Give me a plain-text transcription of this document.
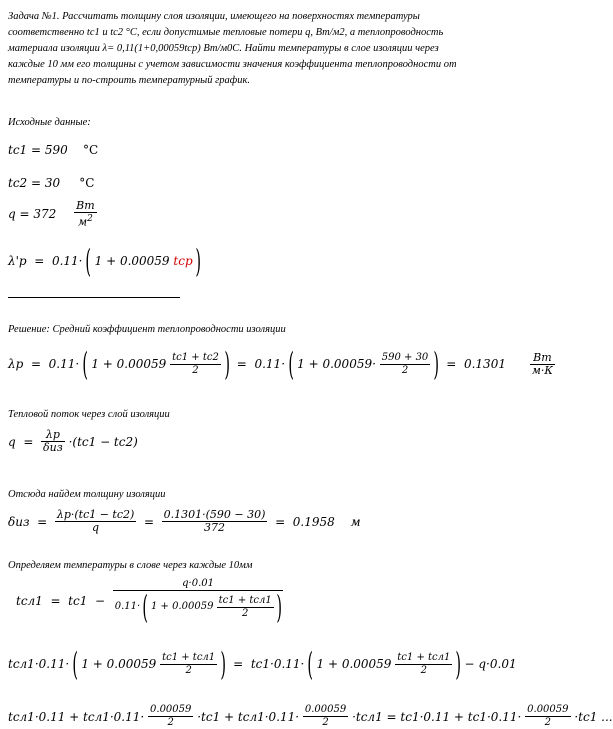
Задача №1. Рассчитать толщину слоя изоляции, имеющего на поверхностях температуры
соответственно tc1 и tc2 °С, если допустимые тепловые потери q, Вт/м2, а теплопроводность
материала изоляции λ= 0,11(1+0,00059tср) Вт/м0С. Найти температуры в слое изоляции через
каждые 10 мм его толщины с учетом зависимости значения коэффициента теплопроводности от
температуры и по-строить температурный график.
Исходные данные:
tc1 = 590 °C
tc2 = 30 °C
$q = 372 \frac{Вт}{м^2}$
λ'p  =  0.11· ( 1 + 0.00059 tcp )
Решение: Средний коэффициент теплопроводности изоляции
λp  =  0.11· ( $1 + 0.00059 \frac{tc1 + tc2}{2}$ )  =  0.11· ( $1 + 0.00059\cdot \frac{590 + 30}{2}$ )  =  $0.1301 \frac{Вт}{м\cdot К}$
Тепловой поток через слой изоляции
$q = \frac{\lambda p}{\text{δиз}} \cdot(tc1 - tc2)$
Отсюда найдем толщину изоляции
$\delta из = \frac{\lambda p\cdot(tc1 - tc2)}{q} = \frac{0.1301\cdot(590 - 30)}{372} = 0.1958$ м
Определяем температуры в слове через каждые 10мм
tсл1  =  tc1  −
q·0.01
0.11· ( $1 + 0.00059 \frac{\text{tc1 + tсл1}}{2}$ )
tсл1·0.11· ( $1 + 0.00059 \frac{\text{tc1 + tсл1}}{2}$ )  =  tc1·0.11· ( $1 + 0.00059 \frac{\text{tc1 + tсл1}}{2}$ ) − q·0.01
$tсл1\cdot 0.11 + tсл1\cdot 0.11\cdot \frac{0.00059}{2} \cdot tc1 + tсл1\cdot 0.11\cdot \frac{0.00059}{2} \cdot tсл1 = tc1\cdot 0.11 + tc1\cdot 0.11\cdot \frac{0.00059}{2} \cdot tc1$ ...
